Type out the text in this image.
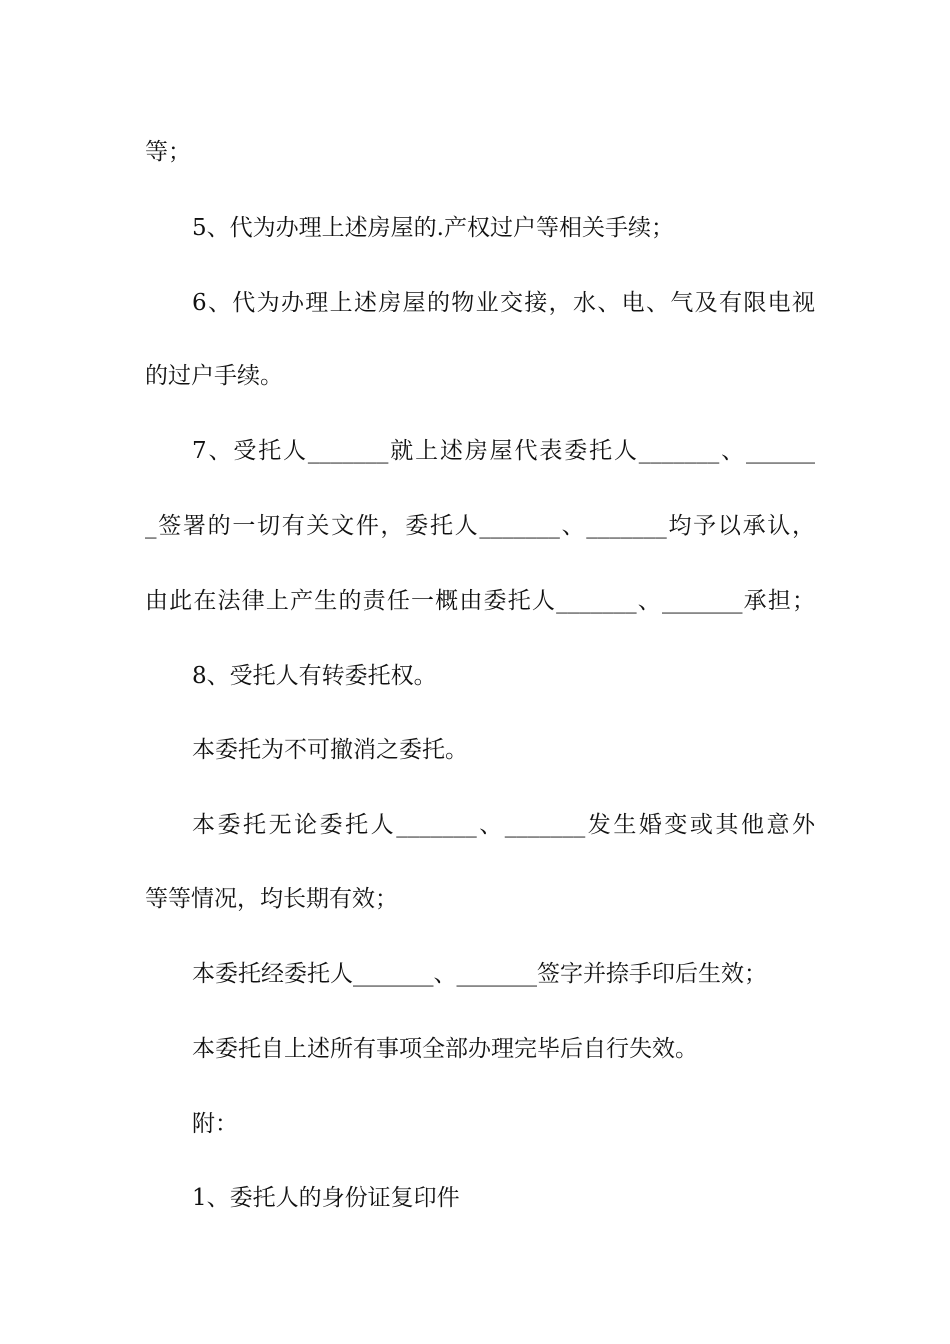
等；
5、代为办理上述房屋的.产权过户等相关手续；
6、代为办理上述房屋的物业交接，水、电、气及有限电视
的过户手续。
7、受托人_______就上述房屋代表委托人_______、______
_签署的一切有关文件，委托人_______、_______均予以承认，
由此在法律上产生的责任一概由委托人_______、_______承担；
8、受托人有转委托权。
本委托为不可撤消之委托。
本委托无论委托人_______、_______发生婚变或其他意外
等等情况，均长期有效；
本委托经委托人_______、_______签字并捺手印后生效；
本委托自上述所有事项全部办理完毕后自行失效。
附：
1、委托人的身份证复印件
